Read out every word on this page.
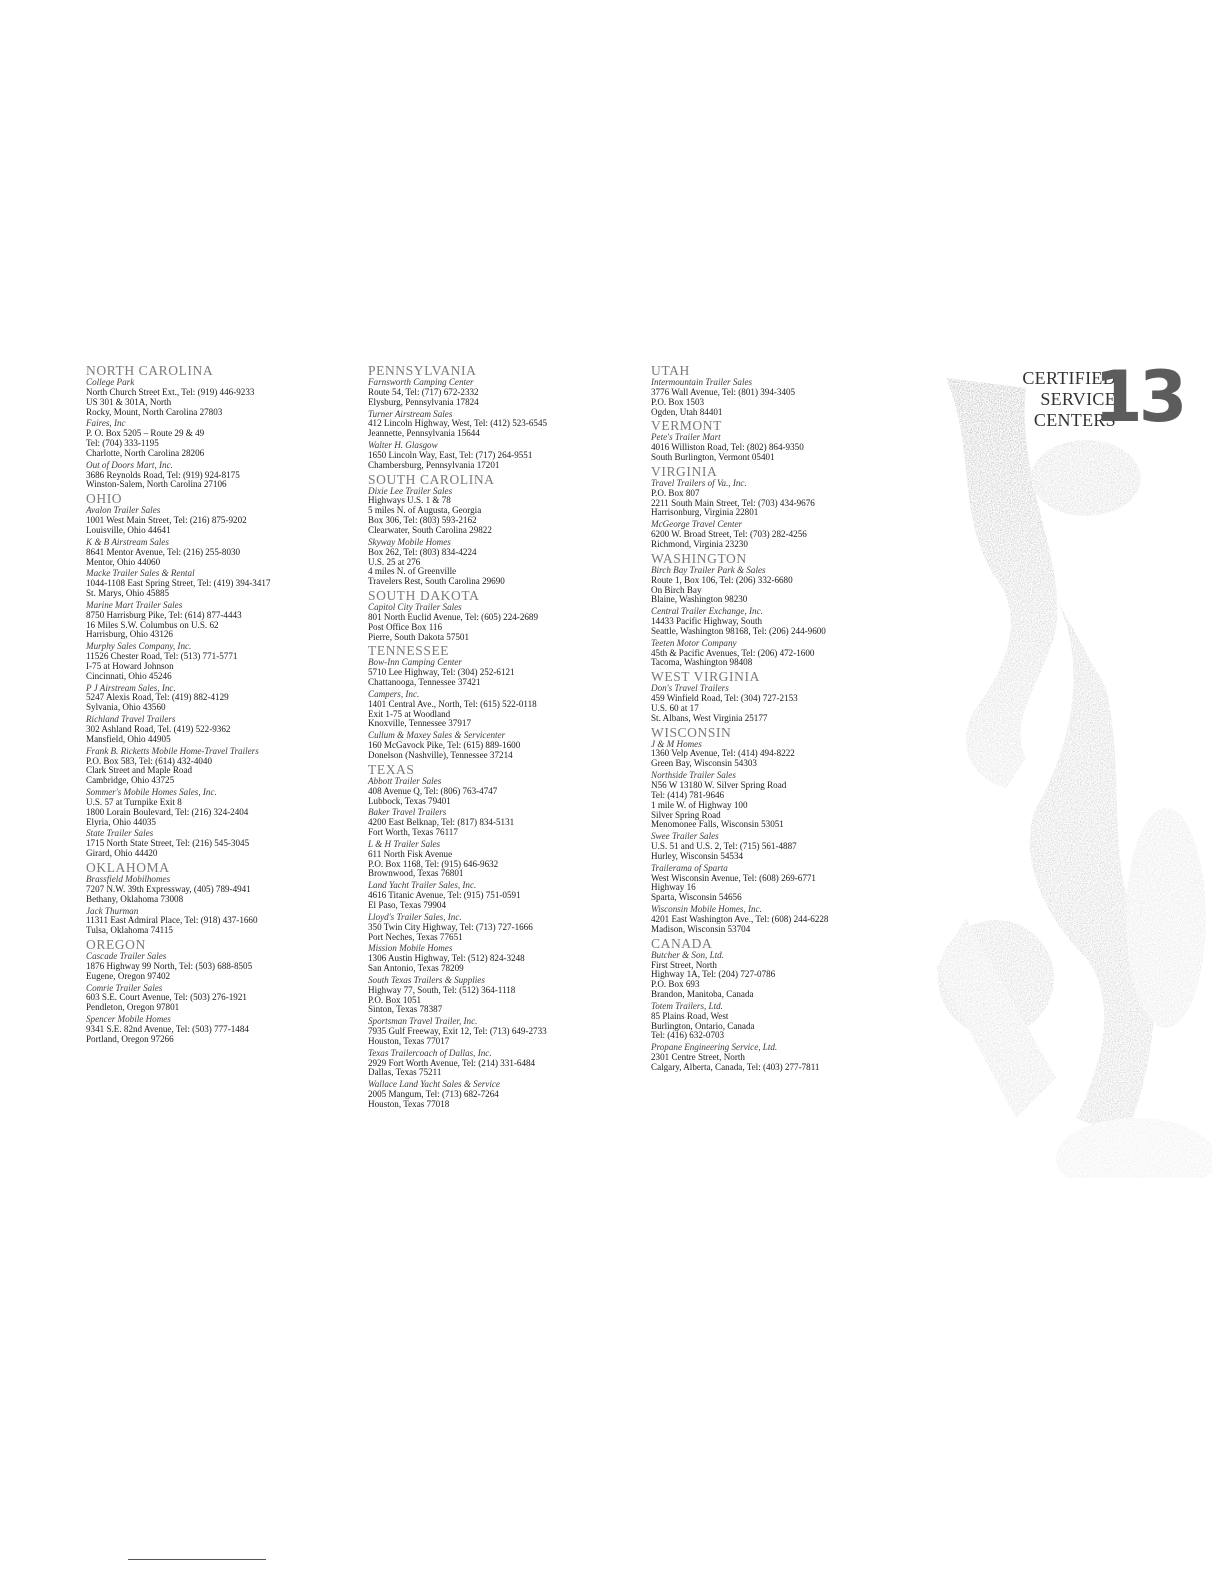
NORTH CAROLINA
College Park
North Church Street Ext., Tel: (919) 446-9233
US 301 & 301A, North
Rocky, Mount, North Carolina 27803
Faires, Inc
P. O. Box 5205 – Route 29 & 49
Tel: (704) 333-1195
Charlotte, North Carolina 28206
Out of Doors Mart, Inc.
3686 Reynolds Road, Tel: (919) 924-8175
Winston-Salem, North Carolina 27106
OHIO
Avalon Trailer Sales
1001 West Main Street, Tel: (216) 875-9202
Louisville, Ohio 44641
K & B Airstream Sales
8641 Mentor Avenue, Tel: (216) 255-8030
Mentor, Ohio 44060
Macke Trailer Sales & Rental
1044-1108 East Spring Street, Tel: (419) 394-3417
St. Marys, Ohio 45885
Marine Mart Trailer Sales
8750 Harrisburg Pike, Tel: (614) 877-4443
16 Miles S.W. Columbus on U.S. 62
Harrisburg, Ohio 43126
Murphy Sales Company, Inc.
11526 Chester Road, Tel: (513) 771-5771
I-75 at Howard Johnson
Cincinnati, Ohio 45246
P J Airstream Sales, Inc.
5247 Alexis Road, Tel: (419) 882-4129
Sylvania, Ohio 43560
Richland Travel Trailers
302 Ashland Road, Tel. (419) 522-9362
Mansfield, Ohio 44905
Frank B. Ricketts Mobile Home-Travel Trailers
P.O. Box 583, Tel: (614) 432-4040
Clark Street and Maple Road
Cambridge, Ohio 43725
Sommer's Mobile Homes Sales, Inc.
U.S. 57 at Turnpike Exit 8
1800 Lorain Boulevard, Tel: (216) 324-2404
Elyria, Ohio 44035
State Trailer Sales
1715 North State Street, Tel: (216) 545-3045
Girard, Ohio 44420
OKLAHOMA
Brassfield Mobilhomes
7207 N.W. 39th Expressway, (405) 789-4941
Bethany, Oklahoma 73008
Jack Thurman
11311 East Admiral Place, Tel: (918) 437-1660
Tulsa, Oklahoma 74115
OREGON
Cascade Trailer Sales
1876 Highway 99 North, Tel: (503) 688-8505
Eugene, Oregon 97402
Comrie Trailer Sales
603 S.E. Court Avenue, Tel: (503) 276-1921
Pendleton, Oregon 97801
Spencer Mobile Homes
9341 S.E. 82nd Avenue, Tel: (503) 777-1484
Portland, Oregon 97266
PENNSYLVANIA
Farnsworth Camping Center
Route 54, Tel: (717) 672-2332
Elysburg, Pennsylvania 17824
Turner Airstream Sales
412 Lincoln Highway, West, Tel: (412) 523-6545
Jeannette, Pennsylvania 15644
Walter H. Glasgow
1650 Lincoln Way, East, Tel: (717) 264-9551
Chambersburg, Pennsylvania 17201
SOUTH CAROLINA
Dixie Lee Trailer Sales
Highways U.S. 1 & 78
5 miles N. of Augusta, Georgia
Box 306, Tel: (803) 593-2162
Clearwater, South Carolina 29822
Skyway Mobile Homes
Box 262, Tel: (803) 834-4224
U.S. 25 at 276
4 miles N. of Greenville
Travelers Rest, South Carolina 29690
SOUTH DAKOTA
Capitol City Trailer Sales
801 North Euclid Avenue, Tel: (605) 224-2689
Post Office Box 116
Pierre, South Dakota 57501
TENNESSEE
Bow-Inn Camping Center
5710 Lee Highway, Tel: (304) 252-6121
Chattanooga, Tennessee 37421
Campers, Inc.
1401 Central Ave., North, Tel: (615) 522-0118
Exit 1-75 at Woodland
Knoxville, Tennessee 37917
Cullum & Maxey Sales & Servicenter
160 McGavock Pike, Tel: (615) 889-1600
Donelson (Nashville), Tennessee 37214
TEXAS
Abbott Trailer Sales
408 Avenue Q, Tel: (806) 763-4747
Lubbock, Texas 79401
Baker Travel Trailers
4200 East Belknap, Tel: (817) 834-5131
Fort Worth, Texas 76117
L & H Trailer Sales
611 North Fisk Avenue
P.O. Box 1168, Tel: (915) 646-9632
Brownwood, Texas 76801
Land Yacht Trailer Sales, Inc.
4616 Titanic Avenue, Tel: (915) 751-0591
El Paso, Texas 79904
Lloyd's Trailer Sales, Inc.
350 Twin City Highway, Tel: (713) 727-1666
Port Neches, Texas 77651
Mission Mobile Homes
1306 Austin Highway, Tel: (512) 824-3248
San Antonio, Texas 78209
South Texas Trailers & Supplies
Highway 77, South, Tel: (512) 364-1118
P.O. Box 1051
Sinton, Texas 78387
Sportsman Travel Trailer, Inc.
7935 Gulf Freeway, Exit 12, Tel: (713) 649-2733
Houston, Texas 77017
Texas Trailercoach of Dallas, Inc.
2929 Fort Worth Avenue, Tel: (214) 331-6484
Dallas, Texas 75211
Wallace Land Yacht Sales & Service
2005 Mangum, Tel: (713) 682-7264
Houston, Texas 77018
UTAH
Intermountain Trailer Sales
3776 Wall Avenue, Tel: (801) 394-3405
P.O. Box 1503
Ogden, Utah 84401
VERMONT
Pete's Trailer Mart
4016 Williston Road, Tel: (802) 864-9350
South Burlington, Vermont 05401
VIRGINIA
Travel Trailers of Va., Inc.
P.O. Box 807
2211 South Main Street, Tel: (703) 434-9676
Harrisonburg, Virginia 22801
McGeorge Travel Center
6200 W. Broad Street, Tel: (703) 282-4256
Richmond, Virginia 23230
WASHINGTON
Birch Bay Trailer Park & Sales
Route 1, Box 106, Tel: (206) 332-6680
On Birch Bay
Blaine, Washington 98230
Central Trailer Exchange, Inc.
14433 Pacific Highway, South
Seattle, Washington 98168, Tel: (206) 244-9600
Teeten Motor Company
45th & Pacific Avenues, Tel: (206) 472-1600
Tacoma, Washington 98408
WEST VIRGINIA
Don's Travel Trailers
459 Winfield Road, Tel: (304) 727-2153
U.S. 60 at 17
St. Albans, West Virginia 25177
WISCONSIN
J & M Homes
1360 Velp Avenue, Tel: (414) 494-8222
Green Bay, Wisconsin 54303
Northside Trailer Sales
N56 W 13180 W. Silver Spring Road
Tel: (414) 781-9646
1 mile W. of Highway 100
Silver Spring Road
Menomonee Falls, Wisconsin 53051
Swee Trailer Sales
U.S. 51 and U.S. 2, Tel: (715) 561-4887
Hurley, Wisconsin 54534
Trailerama of Sparta
West Wisconsin Avenue, Tel: (608) 269-6771
Highway 16
Sparta, Wisconsin 54656
Wisconsin Mobile Homes, Inc.
4201 East Washington Ave., Tel: (608) 244-6228
Madison, Wisconsin 53704
CANADA
Butcher & Son, Ltd.
First Street, North
Highway 1A, Tel: (204) 727-0786
P.O. Box 693
Brandon, Manitoba, Canada
Totem Trailers, Ltd.
85 Plains Road, West
Burlington, Ontario, Canada
Tel: (416) 632-0703
Propane Engineering Service, Ltd.
2301 Centre Street, North
Calgary, Alberta, Canada, Tel: (403) 277-7811
CERTIFIED
SERVICE
CENTERS
13
